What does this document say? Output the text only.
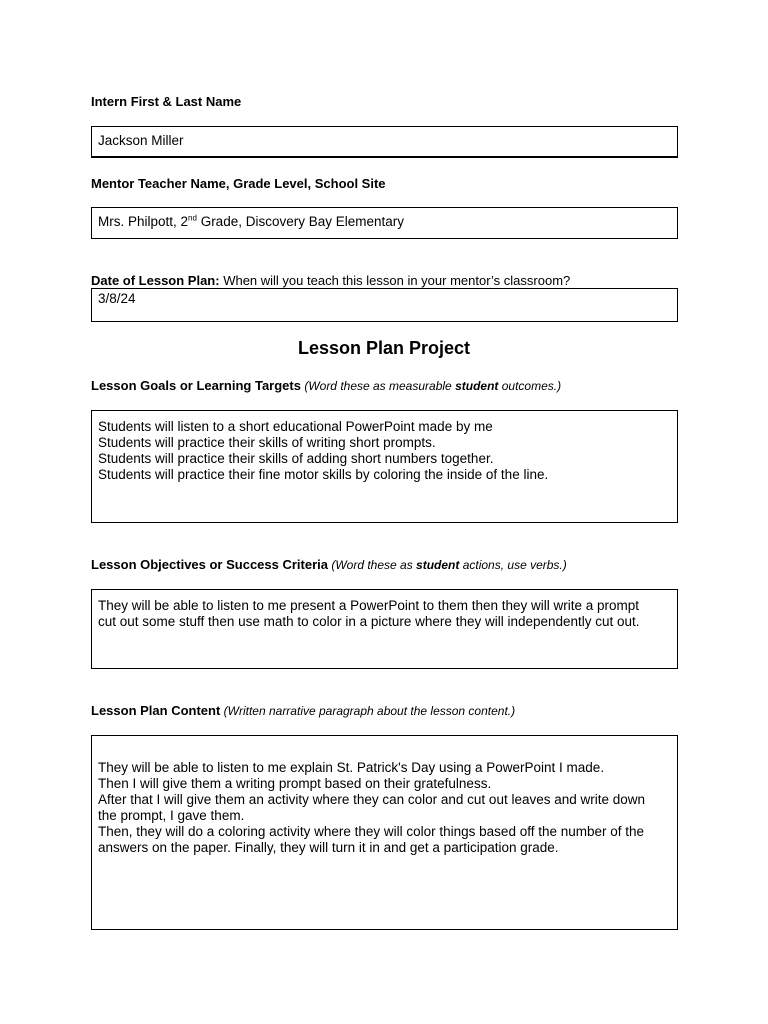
Intern First & Last Name
Jackson Miller
Mentor Teacher Name, Grade Level, School Site
Mrs. Philpott, 2nd Grade, Discovery Bay Elementary
Date of Lesson Plan: When will you teach this lesson in your mentor’s classroom?
3/8/24
Lesson Plan Project
Lesson Goals or Learning Targets (Word these as measurable student outcomes.)
Students will listen to a short educational PowerPoint made by me
Students will practice their skills of writing short prompts.
Students will practice their skills of adding short numbers together.
Students will practice their fine motor skills by coloring the inside of the line.
Lesson Objectives or Success Criteria (Word these as student actions, use verbs.)
They will be able to listen to me present a PowerPoint to them then they will write a prompt
cut out some stuff then use math to color in a picture where they will independently cut out.
Lesson Plan Content (Written narrative paragraph about the lesson content.)
They will be able to listen to me explain St. Patrick's Day using a PowerPoint I made.
Then I will give them a writing prompt based on their gratefulness.
After that I will give them an activity where they can color and cut out leaves and write down
the prompt, I gave them.
Then, they will do a coloring activity where they will color things based off the number of the
answers on the paper. Finally, they will turn it in and get a participation grade.
